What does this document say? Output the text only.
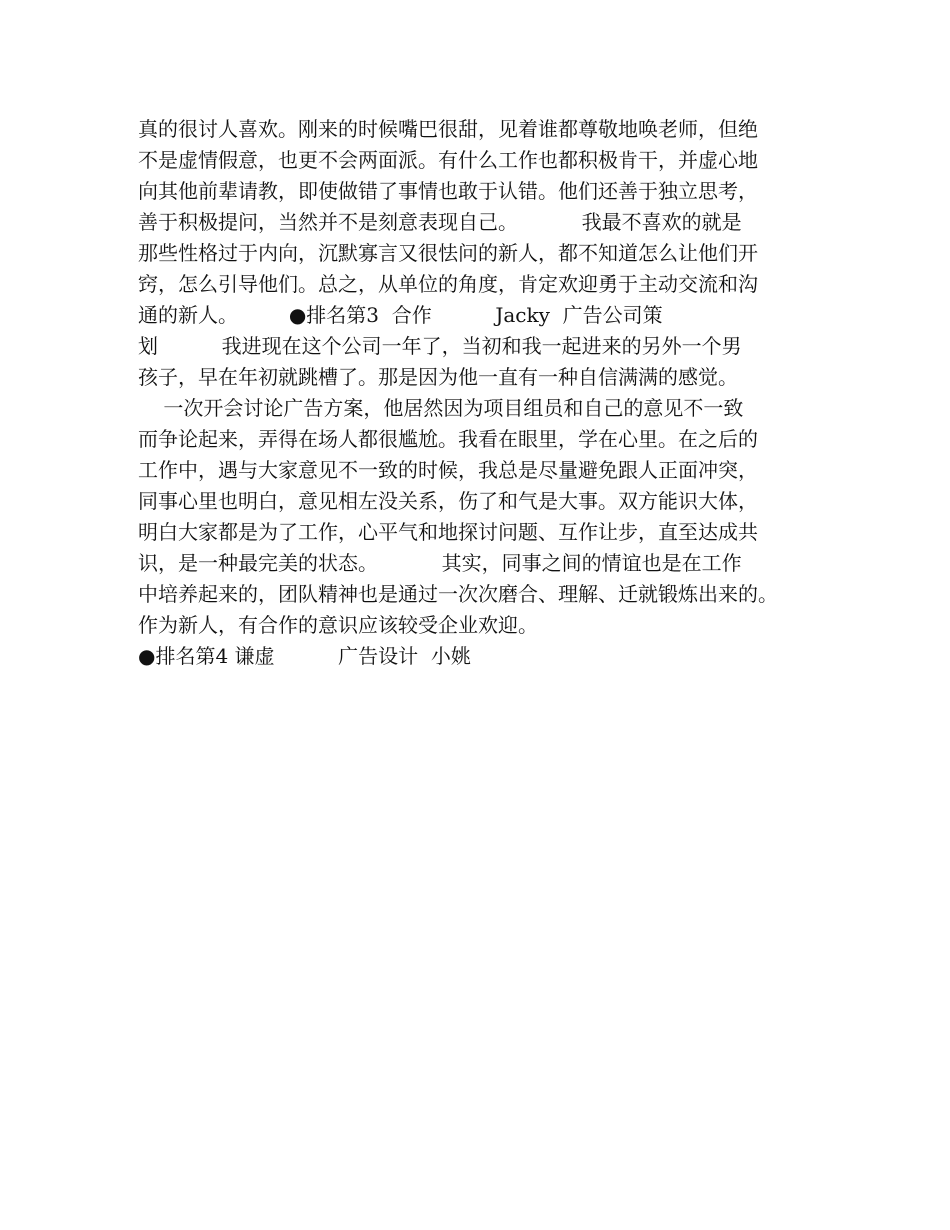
真的很讨人喜欢。刚来的时候嘴巴很甜，见着谁都尊敬地唤老师，但绝
不是虚情假意，也更不会两面派。有什么工作也都积极肯干，并虚心地
向其他前辈请教，即使做错了事情也敢于认错。他们还善于独立思考，
善于积极提问，当然并不是刻意表现自己。          我最不喜欢的就是
那些性格过于内向，沉默寡言又很怯问的新人，都不知道怎么让他们开
窍，怎么引导他们。总之，从单位的角度，肯定欢迎勇于主动交流和沟
通的新人。        ●排名第3  合作          Jacky  广告公司策
划          我进现在这个公司一年了，当初和我一起进来的另外一个男
孩子，早在年初就跳槽了。那是因为他一直有一种自信满满的感觉。
一次开会讨论广告方案，他居然因为项目组员和自己的意见不一致
而争论起来，弄得在场人都很尴尬。我看在眼里，学在心里。在之后的
工作中，遇与大家意见不一致的时候，我总是尽量避免跟人正面冲突，
同事心里也明白，意见相左没关系，伤了和气是大事。双方能识大体，
明白大家都是为了工作，心平气和地探讨问题、互作让步，直至达成共
识，是一种最完美的状态。          其实，同事之间的情谊也是在工作
中培养起来的，团队精神也是通过一次次磨合、理解、迁就锻炼出来的。
作为新人，有合作的意识应该较受企业欢迎。
●排名第4 谦虚          广告设计  小姚
